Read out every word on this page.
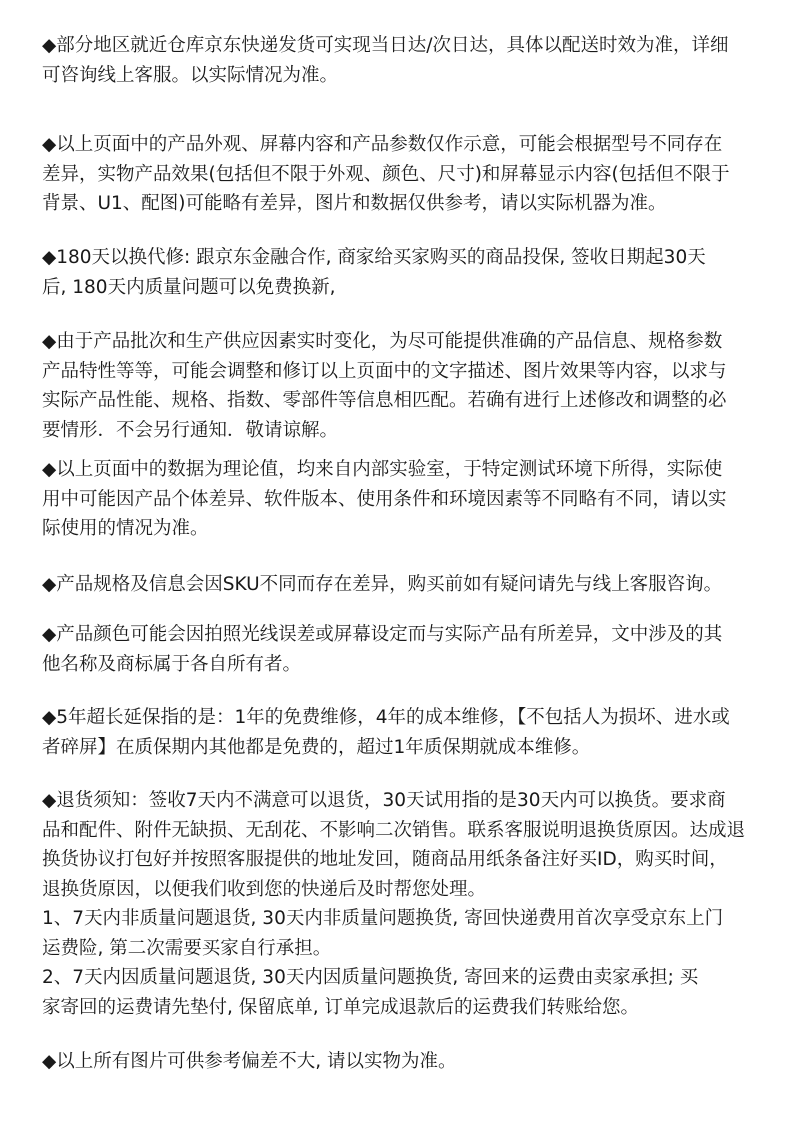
◆部分地区就近仓库京东快递发货可实现当日达/次日达，具体以配送时效为准，详细
可咨询线上客服。以实际情况为准。
◆以上页面中的产品外观、屏幕内容和产品参数仅作示意，可能会根据型号不同存在
差异，实物产品效果(包括但不限于外观、颜色、尺寸)和屏幕显示内容(包括但不限于
背景、U1、配图)可能略有差异，图片和数据仅供参考，请以实际机器为准。
◆180天以换代修: 跟京东金融合作, 商家给买家购买的商品投保, 签收日期起30天
后, 180天内质量问题可以免费换新,
◆由于产品批次和生产供应因素实时变化，为尽可能提供准确的产品信息、规格参数
产品特性等等，可能会调整和修订以上页面中的文字描述、图片效果等内容，以求与
实际产品性能、规格、指数、零部件等信息相匹配。若确有进行上述修改和调整的必
要情形．不会另行通知．敬请谅解。
◆以上页面中的数据为理论值，均来自内部实验室，于特定测试环境下所得，实际使
用中可能因产品个体差异、软件版本、使用条件和环境因素等不同略有不同，请以实
际使用的情况为准。
◆产品规格及信息会因SKU不同而存在差异，购买前如有疑问请先与线上客服咨询。
◆产品颜色可能会因拍照光线误差或屏幕设定而与实际产品有所差异，文中涉及的其
他名称及商标属于各自所有者。
◆5年超长延保指的是：1年的免费维修，4年的成本维修，【不包括人为损坏、进水或
者碎屏】在质保期内其他都是免费的，超过1年质保期就成本维修。
◆退货须知：签收7天内不满意可以退货，30天试用指的是30天内可以换货。要求商
品和配件、附件无缺损、无刮花、不影响二次销售。联系客服说明退换货原因。达成退
换货协议打包好并按照客服提供的地址发回，随商品用纸条备注好买ID，购买时间，
退换货原因，以便我们收到您的快递后及时帮您处理。
1、7天内非质量问题退货, 30天内非质量问题换货, 寄回快递费用首次享受京东上门
运费险, 第二次需要买家自行承担。
2、7天内因质量问题退货, 30天内因质量问题换货, 寄回来的运费由卖家承担; 买
家寄回的运费请先垫付, 保留底单, 订单完成退款后的运费我们转账给您。
◆以上所有图片可供参考偏差不大, 请以实物为准。
